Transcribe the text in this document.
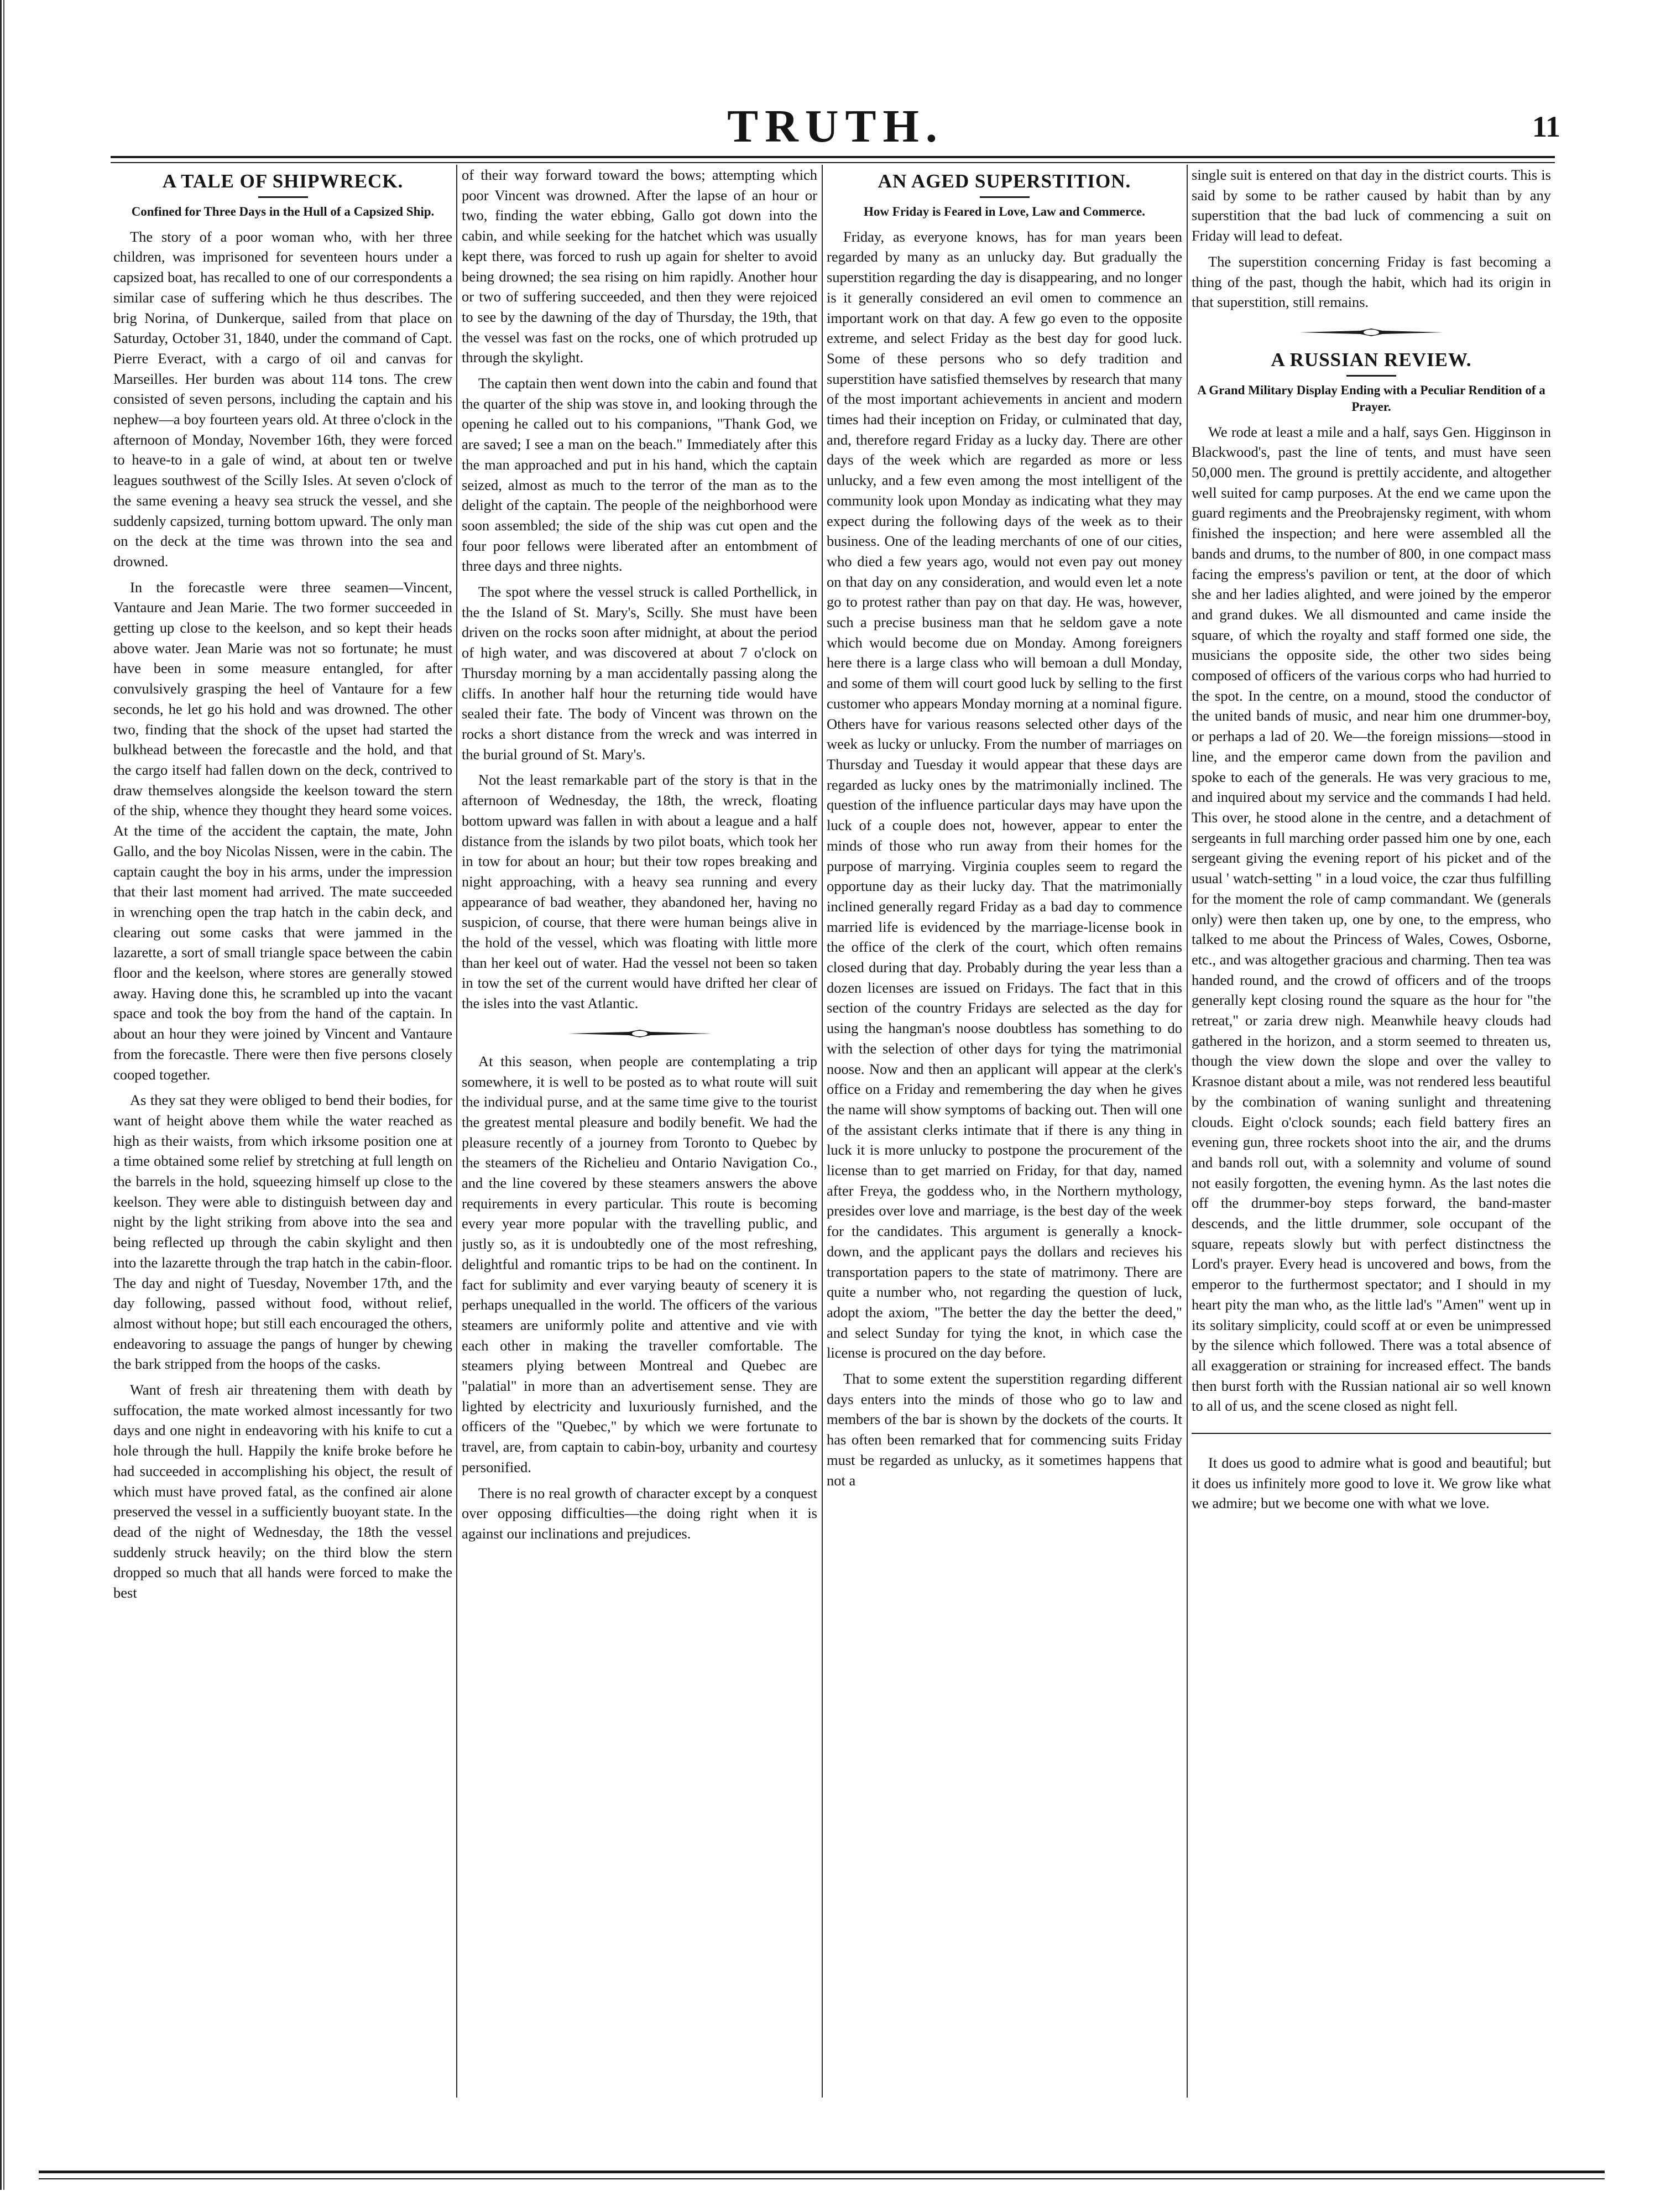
TRUTH.	11
A TALE OF SHIPWRECK.
Confined for Three Days in the Hull of a Capsized Ship.

The story of a poor woman who, with her three children, was imprisoned for seventeen hours under a capsized boat, has recalled to one of our correspondents a similar case of suffering which he thus describes. The brig Norina, of Dunkerque, sailed from that place on Saturday, October 31, 1840, under the command of Capt. Pierre Everact, with a cargo of oil and canvas for Marseilles. Her burden was about 114 tons. The crew consisted of seven persons, including the captain and his nephew—a boy fourteen years old. At three o'clock in the afternoon of Monday, November 16th, they were forced to heave-to in a gale of wind, at about ten or twelve leagues southwest of the Scilly Isles. At seven o'clock of the same evening a heavy sea struck the vessel, and she suddenly capsized, turning bottom upward. The only man on the deck at the time was thrown into the sea and drowned.

In the forecastle were three seamen—Vincent, Vantaure and Jean Marie. The two former succeeded in getting up close to the keelson, and so kept their heads above water. Jean Marie was not so fortunate; he must have been in some measure entangled, for after convulsively grasping the heel of Vantaure for a few seconds, he let go his hold and was drowned. The other two, finding that the shock of the upset had started the bulkhead between the forecastle and the hold, and that the cargo itself had fallen down on the deck, contrived to draw themselves alongside the keelson toward the stern of the ship, whence they thought they heard some voices. At the time of the accident the captain, the mate, John Gallo, and the boy Nicolas Nissen, were in the cabin. The captain caught the boy in his arms, under the impression that their last moment had arrived. The mate succeeded in wrenching open the trap hatch in the cabin deck, and clearing out some casks that were jammed in the lazarette, a sort of small triangle space between the cabin floor and the keelson, where stores are generally stowed away. Having done this, he scrambled up into the vacant space and took the boy from the hand of the captain. In about an hour they were joined by Vincent and Vantaure from the forecastle. There were then five persons closely cooped together.

As they sat they were obliged to bend their bodies, for want of height above them while the water reached as high as their waists, from which irksome position one at a time obtained some relief by stretching at full length on the barrels in the hold, squeezing himself up close to the keelson. They were able to distinguish between day and night by the light striking from above into the sea and being reflected up through the cabin skylight and then into the lazarette through the trap hatch in the cabin-floor. The day and night of Tuesday, November 17th, and the day following, passed without food, without relief, almost without hope; but still each encouraged the others, endeavoring to assuage the pangs of hunger by chewing the bark stripped from the hoops of the casks.

Want of fresh air threatening them with death by suffocation, the mate worked almost incessantly for two days and one night in endeavoring with his knife to cut a hole through the hull. Happily the knife broke before he had succeeded in accomplishing his object, the result of which must have proved fatal, as the confined air alone preserved the vessel in a sufficiently buoyant state. In the dead of the night of Wednesday, the 18th the vessel suddenly struck heavily; on the third blow the stern dropped so much that all hands were forced to make the best

of their way forward toward the bows; attempting which poor Vincent was drowned. After the lapse of an hour or two, finding the water ebbing, Gallo got down into the cabin, and while seeking for the hatchet which was usually kept there, was forced to rush up again for shelter to avoid being drowned; the sea rising on him rapidly. Another hour or two of suffering succeeded, and then they were rejoiced to see by the dawning of the day of Thursday, the 19th, that the vessel was fast on the rocks, one of which protruded up through the skylight.

The captain then went down into the cabin and found that the quarter of the ship was stove in, and looking through the opening he called out to his companions, "Thank God, we are saved; I see a man on the beach." Immediately after this the man approached and put in his hand, which the captain seized, almost as much to the terror of the man as to the delight of the captain. The people of the neighborhood were soon assembled; the side of the ship was cut open and the four poor fellows were liberated after an entombment of three days and three nights.

The spot where the vessel struck is called Porthellick, in the the Island of St. Mary's, Scilly. She must have been driven on the rocks soon after midnight, at about the period of high water, and was discovered at about 7 o'clock on Thursday morning by a man accidentally passing along the cliffs. In another half hour the returning tide would have sealed their fate. The body of Vincent was thrown on the rocks a short distance from the wreck and was interred in the burial ground of St. Mary's.

Not the least remarkable part of the story is that in the afternoon of Wednesday, the 18th, the wreck, floating bottom upward was fallen in with about a league and a half distance from the islands by two pilot boats, which took her in tow for about an hour; but their tow ropes breaking and night approaching, with a heavy sea running and every appearance of bad weather, they abandoned her, having no suspicion, of course, that there were human beings alive in the hold of the vessel, which was floating with little more than her keel out of water. Had the vessel not been so taken in tow the set of the current would have drifted her clear of the isles into the vast Atlantic.

At this season, when people are contemplating a trip somewhere, it is well to be posted as to what route will suit the individual purse, and at the same time give to the tourist the greatest mental pleasure and bodily benefit. We had the pleasure recently of a journey from Toronto to Quebec by the steamers of the Richelieu and Ontario Navigation Co., and the line covered by these steamers answers the above requirements in every particular. This route is becoming every year more popular with the travelling public, and justly so, as it is undoubtedly one of the most refreshing, delightful and romantic trips to be had on the continent. In fact for sublimity and ever varying beauty of scenery it is perhaps unequalled in the world. The officers of the various steamers are uniformly polite and attentive and vie with each other in making the traveller comfortable. The steamers plying between Montreal and Quebec are "palatial" in more than an advertisement sense. They are lighted by electricity and luxuriously furnished, and the officers of the "Quebec," by which we were fortunate to travel, are, from captain to cabin-boy, urbanity and courtesy personified.

There is no real growth of character except by a conquest over opposing difficulties—the doing right when it is against our inclinations and prejudices.

AN AGED SUPERSTITION.
How Friday is Feared in Love, Law and Commerce.

Friday, as everyone knows, has for man years been regarded by many as an unlucky day. But gradually the superstition regarding the day is disappearing, and no longer is it generally considered an evil omen to commence an important work on that day. A few go even to the opposite extreme, and select Friday as the best day for good luck. Some of these persons who so defy tradition and superstition have satisfied themselves by research that many of the most important achievements in ancient and modern times had their inception on Friday, or culminated that day, and, therefore regard Friday as a lucky day. There are other days of the week which are regarded as more or less unlucky, and a few even among the most intelligent of the community look upon Monday as indicating what they may expect during the following days of the week as to their business. One of the leading merchants of one of our cities, who died a few years ago, would not even pay out money on that day on any consideration, and would even let a note go to protest rather than pay on that day. He was, however, such a precise business man that he seldom gave a note which would become due on Monday. Among foreigners here there is a large class who will bemoan a dull Monday, and some of them will court good luck by selling to the first customer who appears Monday morning at a nominal figure. Others have for various reasons selected other days of the week as lucky or unlucky. From the number of marriages on Thursday and Tuesday it would appear that these days are regarded as lucky ones by the matrimonially inclined. The question of the influence particular days may have upon the luck of a couple does not, however, appear to enter the minds of those who run away from their homes for the purpose of marrying. Virginia couples seem to regard the opportune day as their lucky day. That the matrimonially inclined generally regard Friday as a bad day to commence married life is evidenced by the marriage-license book in the office of the clerk of the court, which often remains closed during that day. Probably during the year less than a dozen licenses are issued on Fridays. The fact that in this section of the country Fridays are selected as the day for using the hangman's noose doubtless has something to do with the selection of other days for tying the matrimonial noose. Now and then an applicant will appear at the clerk's office on a Friday and remembering the day when he gives the name will show symptoms of backing out. Then will one of the assistant clerks intimate that if there is any thing in luck it is more unlucky to postpone the procurement of the license than to get married on Friday, for that day, named after Freya, the goddess who, in the Northern mythology, presides over love and marriage, is the best day of the week for the candidates. This argument is generally a knock-down, and the applicant pays the dollars and recieves his transportation papers to the state of matrimony. There are quite a number who, not regarding the question of luck, adopt the axiom, "The better the day the better the deed," and select Sunday for tying the knot, in which case the license is procured on the day before.

That to some extent the superstition regarding different days enters into the minds of those who go to law and members of the bar is shown by the dockets of the courts. It has often been remarked that for commencing suits Friday must be regarded as unlucky, as it sometimes happens that not a

single suit is entered on that day in the district courts. This is said by some to be rather caused by habit than by any superstition that the bad luck of commencing a suit on Friday will lead to defeat.

The superstition concerning Friday is fast becoming a thing of the past, though the habit, which had its origin in that superstition, still remains.

A RUSSIAN REVIEW.
A Grand Military Display Ending with a Peculiar Rendition of a Prayer.

We rode at least a mile and a half, says Gen. Higginson in Blackwood's, past the line of tents, and must have seen 50,000 men. The ground is prettily accidente, and altogether well suited for camp purposes. At the end we came upon the guard regiments and the Preobrajensky regiment, with whom finished the inspection; and here were assembled all the bands and drums, to the number of 800, in one compact mass facing the empress's pavilion or tent, at the door of which she and her ladies alighted, and were joined by the emperor and grand dukes. We all dismounted and came inside the square, of which the royalty and staff formed one side, the musicians the opposite side, the other two sides being composed of officers of the various corps who had hurried to the spot. In the centre, on a mound, stood the conductor of the united bands of music, and near him one drummer-boy, or perhaps a lad of 20. We—the foreign missions—stood in line, and the emperor came down from the pavilion and spoke to each of the generals. He was very gracious to me, and inquired about my service and the commands I had held. This over, he stood alone in the centre, and a detachment of sergeants in full marching order passed him one by one, each sergeant giving the evening report of his picket and of the usual ' watch-setting " in a loud voice, the czar thus fulfilling for the moment the role of camp commandant. We (generals only) were then taken up, one by one, to the empress, who talked to me about the Princess of Wales, Cowes, Osborne, etc., and was altogether gracious and charming. Then tea was handed round, and the crowd of officers and of the troops generally kept closing round the square as the hour for "the retreat," or zaria drew nigh. Meanwhile heavy clouds had gathered in the horizon, and a storm seemed to threaten us, though the view down the slope and over the valley to Krasnoe distant about a mile, was not rendered less beautiful by the combination of waning sunlight and threatening clouds. Eight o'clock sounds; each field battery fires an evening gun, three rockets shoot into the air, and the drums and bands roll out, with a solemnity and volume of sound not easily forgotten, the evening hymn. As the last notes die off the drummer-boy steps forward, the band-master descends, and the little drummer, sole occupant of the square, repeats slowly but with perfect distinctness the Lord's prayer. Every head is uncovered and bows, from the emperor to the furthermost spectator; and I should in my heart pity the man who, as the little lad's "Amen" went up in its solitary simplicity, could scoff at or even be unimpressed by the silence which followed. There was a total absence of all exaggeration or straining for increased effect. The bands then burst forth with the Russian national air so well known to all of us, and the scene closed as night fell.

It does us good to admire what is good and beautiful; but it does us infinitely more good to love it. We grow like what we admire; but we become one with what we love.
